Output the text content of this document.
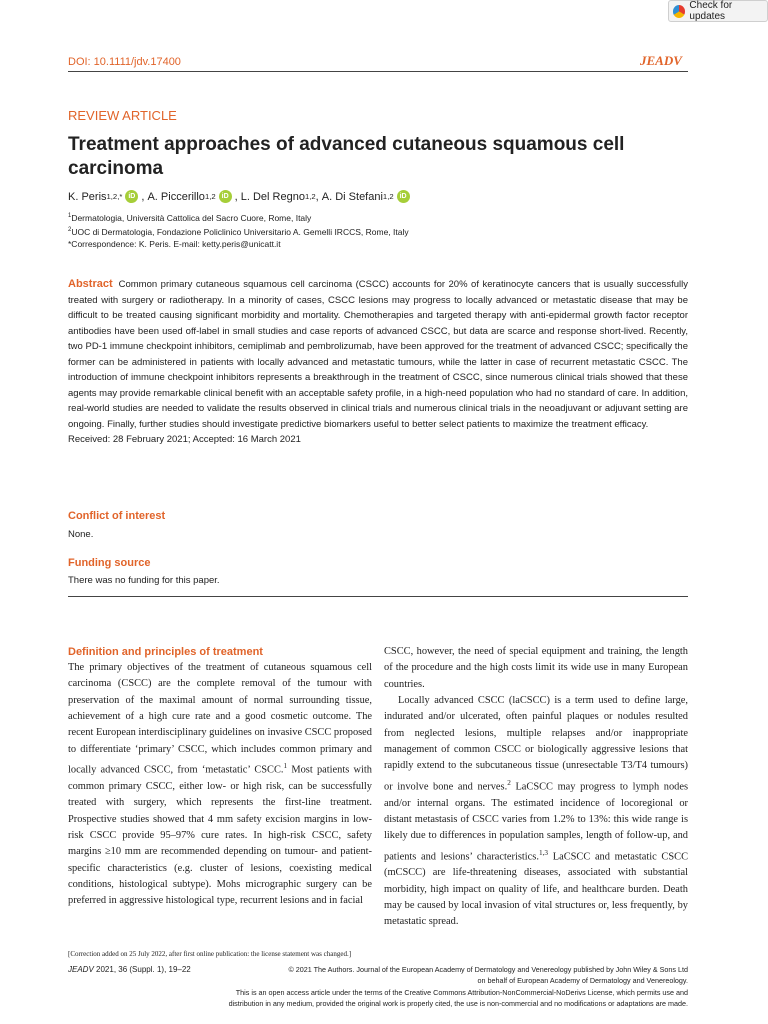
Check for updates
DOI: 10.1111/jdv.17400	JEADV
REVIEW ARTICLE
Treatment approaches of advanced cutaneous squamous cell carcinoma
K. Peris 1,2,* iD , A. Piccerillo 1,2 iD , L. Del Regno 1,2 , A. Di Stefani 1,2 iD
$^1$Dermatologia, Università Cattolica del Sacro Cuore, Rome, Italy
$^2$UOC di Dermatologia, Fondazione Policlinico Universitario A. Gemelli IRCCS, Rome, Italy
*Correspondence: K. Peris. E-mail: ketty.peris@unicatt.it
Abstract Common primary cutaneous squamous cell carcinoma (CSCC) accounts for 20% of keratinocyte cancers that is usually successfully treated with surgery or radiotherapy. In a minority of cases, CSCC lesions may progress to locally advanced or metastatic disease that may be difficult to be treated causing significant morbidity and mortality. Chemotherapies and targeted therapy with anti-epidermal growth factor receptor antibodies have been used off-label in small studies and case reports of advanced CSCC, but data are scarce and response short-lived. Recently, two PD-1 immune checkpoint inhibitors, cemiplimab and pembrolizumab, have been approved for the treatment of advanced CSCC; specifically the former can be administered in patients with locally advanced and metastatic tumours, while the latter in case of recurrent metastatic CSCC. The introduction of immune checkpoint inhibitors represents a breakthrough in the treatment of CSCC, since numerous clinical trials showed that these agents may provide remarkable clinical benefit with an acceptable safety profile, in a high-need population who had no standard of care. In addition, real-world studies are needed to validate the results observed in clinical trials and numerous clinical trials in the neoadjuvant or adjuvant setting are ongoing. Finally, further studies should investigate predictive biomarkers useful to better select patients to maximize the treatment efficacy.
Received: 28 February 2021; Accepted: 16 March 2021
Conflict of interest
None.
Funding source
There was no funding for this paper.
Definition and principles of treatment

The primary objectives of the treatment of cutaneous squamous cell carcinoma (CSCC) are the complete removal of the tumour with preservation of the maximal amount of normal surrounding tissue, achievement of a high cure rate and a good cosmetic outcome. The recent European interdisciplinary guidelines on invasive CSCC proposed to differentiate ‘primary’ CSCC, which includes common primary and locally advanced CSCC, from ‘metastatic’ CSCC.$^1$ Most patients with common primary CSCC, either low- or high risk, can be successfully treated with surgery, which represents the first-line treatment. Prospective studies showed that 4 mm safety excision margins in low-risk CSCC provide 95–97% cure rates. In high-risk CSCC, safety margins ≥10 mm are recommended depending on tumour- and patient-specific characteristics (e.g. cluster of lesions, coexisting medical conditions, histological subtype). Mohs micrographic surgery can be preferred in aggressive histological type, recurrent lesions and in facial

CSCC, however, the need of special equipment and training, the length of the procedure and the high costs limit its wide use in many European countries.

Locally advanced CSCC (laCSCC) is a term used to define large, indurated and/or ulcerated, often painful plaques or nodules resulted from neglected lesions, multiple relapses and/or inappropriate management of common CSCC or biologically aggressive lesions that rapidly extend to the subcutaneous tissue (unresectable T3/T4 tumours) or involve bone and nerves.$^2$ LaCSCC may progress to lymph nodes and/or internal organs. The estimated incidence of locoregional or distant metastasis of CSCC varies from 1.2% to 13%: this wide range is likely due to differences in population samples, length of follow-up, and patients and lesions’ characteristics.$^{1,3}$ LaCSCC and metastatic CSCC (mCSCC) are life-threatening diseases, associated with substantial morbidity, high impact on quality of life, and healthcare burden. Death may be caused by local invasion of vital structures or, less frequently, by metastatic spread.

[Correction added on 25 July 2022, after first online publication: the license statement was changed.]
JEADV 2021, 36 (Suppl. 1), 19–22	© 2021 The Authors. Journal of the European Academy of Dermatology and Venereology published by John Wiley & Sons Ltd
on behalf of European Academy of Dermatology and Venereology.
This is an open access article under the terms of the Creative Commons Attribution-NonCommercial-NoDerivs License, which permits use and
distribution in any medium, provided the original work is properly cited, the use is non-commercial and no modifications or adaptations are made.
